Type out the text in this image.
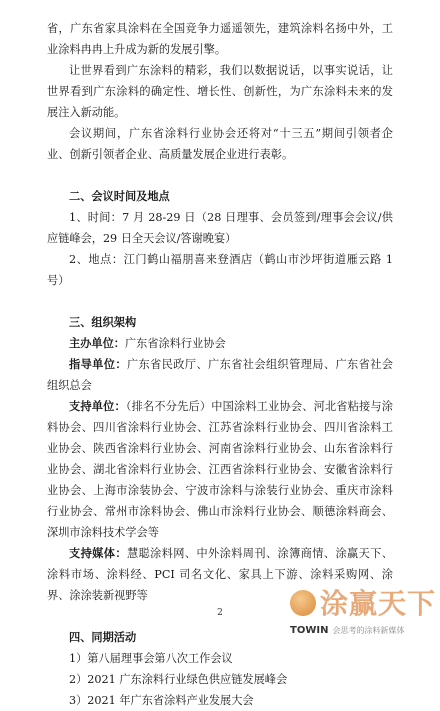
省，广东省家具涂料在全国竞争力遥遥领先，建筑涂料名扬中外，工业涂料冉冉上升成为新的发展引擎。

让世界看到广东涂料的精彩，我们以数据说话，以事实说话，让世界看到广东涂料的确定性、增长性、创新性，为广东涂料未来的发展注入新动能。

会议期间，广东省涂料行业协会还将对“十三五”期间引领者企业、创新引领者企业、高质量发展企业进行表彰。

二、会议时间及地点

1、时间：7 月 28-29 日（28 日理事、会员签到/理事会会议/供应链峰会，29 日全天会议/答谢晚宴）

2、地点：江门鹤山福朋喜来登酒店（鹤山市沙坪街道雁云路 1 号）

三、组织架构

主办单位：广东省涂料行业协会

指导单位：广东省民政厅、广东省社会组织管理局、广东省社会组织总会

支持单位：（排名不分先后）中国涂料工业协会、河北省粘接与涂料协会、四川省涂料行业协会、江苏省涂料行业协会、四川省涂料工业协会、陕西省涂料行业协会、河南省涂料行业协会、山东省涂料行业协会、湖北省涂料行业协会、江西省涂料行业协会、安徽省涂料行业协会、上海市涂装协会、宁波市涂料与涂装行业协会、重庆市涂料行业协会、常州市涂料协会、佛山市涂料行业协会、顺德涂料商会、深圳市涂料技术学会等

支持媒体：慧聪涂料网、中外涂料周刊、涂簿商情、涂赢天下、涂料市场、涂料经、PCI 司名文化、家具上下游、涂料采购网、涂界、涂涂装新视野等

四、同期活动

1）第八届理事会第八次工作会议

2）2021 广东涂料行业绿色供应链发展峰会

3）2021 年广东省涂料产业发展大会

2	涂赢天下
TOWIN 会思考的涂料新媒体
